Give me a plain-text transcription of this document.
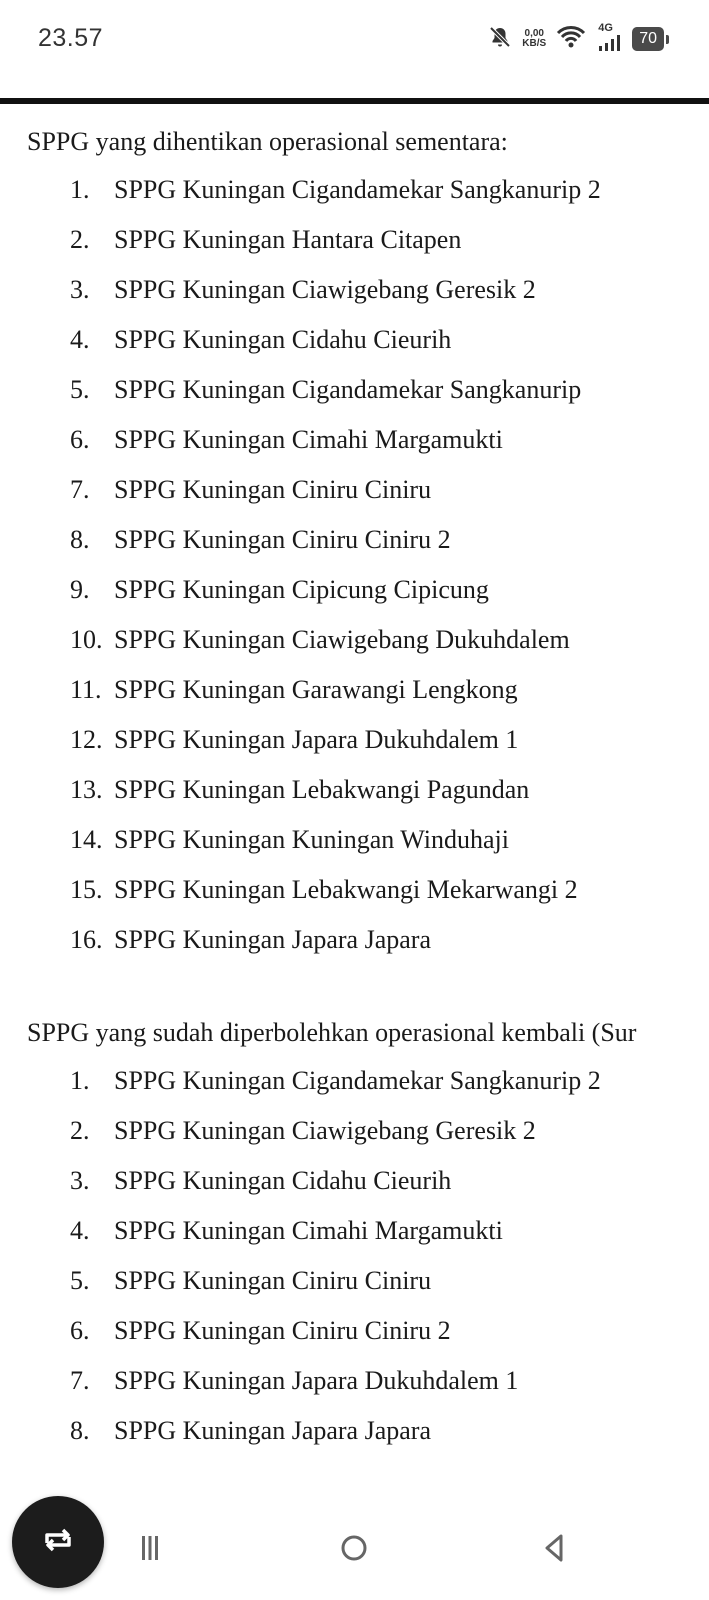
23.57	0,00
KB/S
4G
70
SPPG yang dihentikan operasional sementara:
1. SPPG Kuningan Cigandamekar Sangkanurip 2
2. SPPG Kuningan Hantara Citapen
3. SPPG Kuningan Ciawigebang Geresik 2
4. SPPG Kuningan Cidahu Cieurih
5. SPPG Kuningan Cigandamekar Sangkanurip
6. SPPG Kuningan Cimahi Margamukti
7. SPPG Kuningan Ciniru Ciniru
8. SPPG Kuningan Ciniru Ciniru 2
9. SPPG Kuningan Cipicung Cipicung
10. SPPG Kuningan Ciawigebang Dukuhdalem
11. SPPG Kuningan Garawangi Lengkong
12. SPPG Kuningan Japara Dukuhdalem 1
13. SPPG Kuningan Lebakwangi Pagundan
14. SPPG Kuningan Kuningan Winduhaji
15. SPPG Kuningan Lebakwangi Mekarwangi 2
16. SPPG Kuningan Japara Japara
SPPG yang sudah diperbolehkan operasional kembali (Sur
1. SPPG Kuningan Cigandamekar Sangkanurip 2
2. SPPG Kuningan Ciawigebang Geresik 2
3. SPPG Kuningan Cidahu Cieurih
4. SPPG Kuningan Cimahi Margamukti
5. SPPG Kuningan Ciniru Ciniru
6. SPPG Kuningan Ciniru Ciniru 2
7. SPPG Kuningan Japara Dukuhdalem 1
8. SPPG Kuningan Japara Japara
